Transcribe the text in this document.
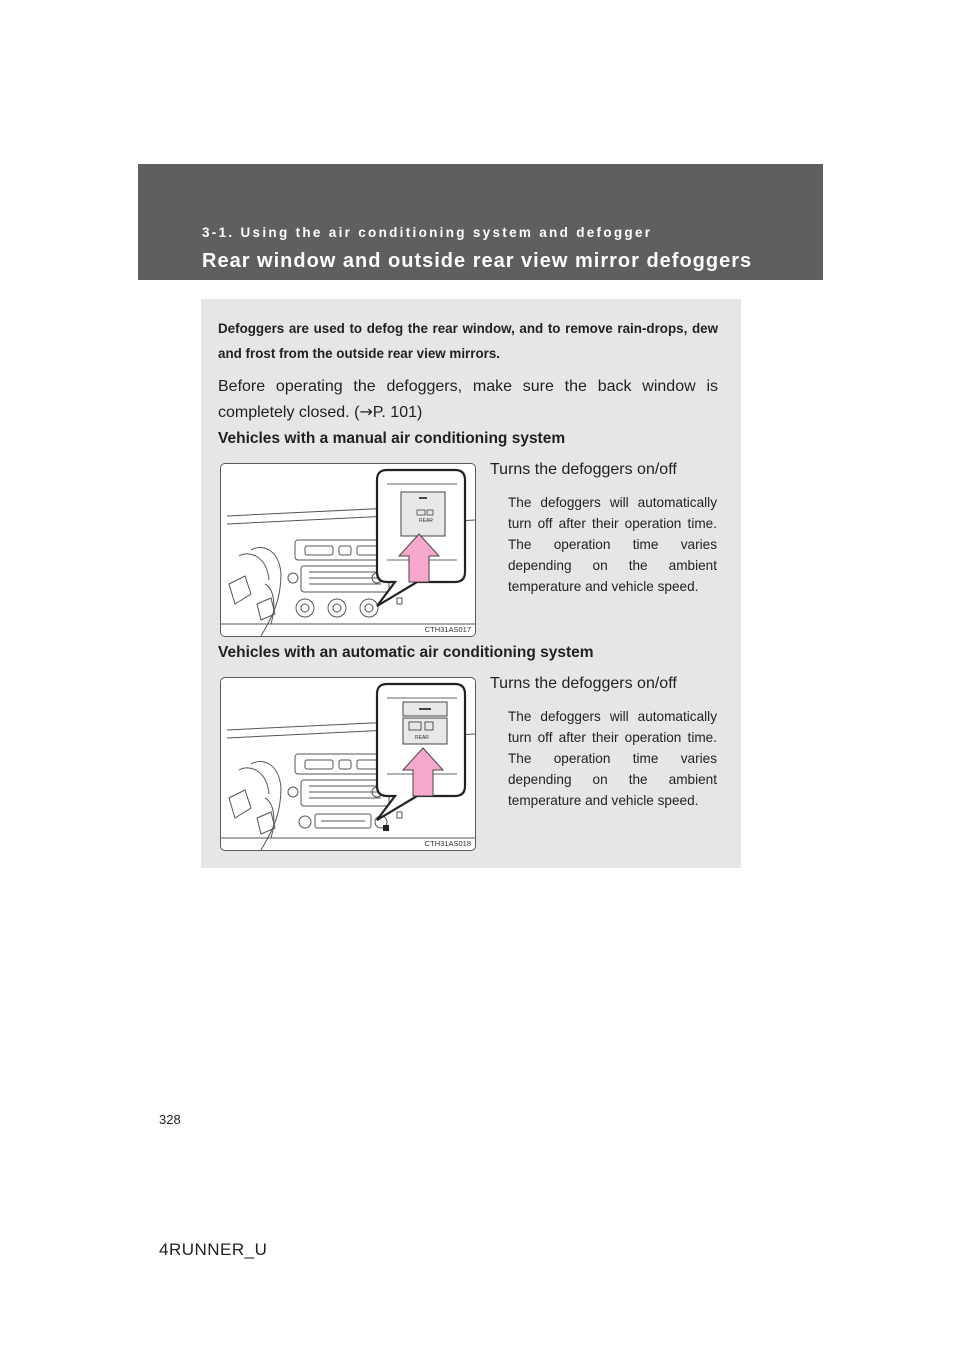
3-1. Using the air conditioning system and defogger

Rear window and outside rear view mirror defoggers

Defoggers are used to defog the rear window, and to remove rain-drops, dew and frost from the outside rear view mirrors.

Before operating the defoggers, make sure the back window is completely closed. (→P. 101)

Vehicles with a manual air conditioning system

REAR
CTH31AS017

Turns the defoggers on/off

The defoggers will automatically turn off after their operation time. The operation time varies depending on the ambient temperature and vehicle speed.

Vehicles with an automatic air conditioning system

REAR
CTH31AS018

Turns the defoggers on/off

The defoggers will automatically turn off after their operation time. The operation time varies depending on the ambient temperature and vehicle speed.

328

4RUNNER_U
